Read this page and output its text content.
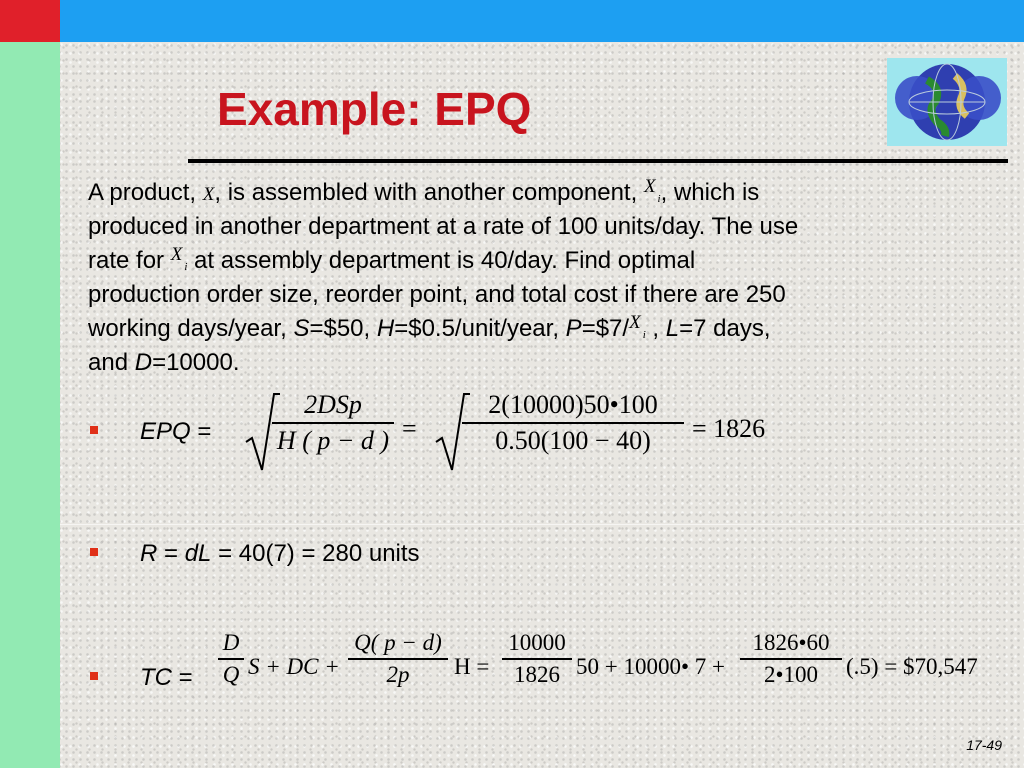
Example: EPQ
A product, X, is assembled with another component, $^{X_i}$, which is
produced in another department at a rate of 100 units/day. The use
rate for $^{X_i}$ at assembly department is 40/day. Find optimal
production order size, reorder point, and total cost if there are 250
working days/year, S=$50, H=$0.5/unit/year, P=$7/$^{X_i}$ , L=7 days,
and D=10000.
EPQ =
2DSp
H ( p − d ) =
2(10000)50•100
0.50(100 − 40)	= 1826
R = dL = 40(7) = 280 units
TC =
D
Q S + DC +
Q( p − d)
2p	H =
10000
1826 50 + 10000• 7 +
1826•60
2•100	(.5) = $70,547
17-49
